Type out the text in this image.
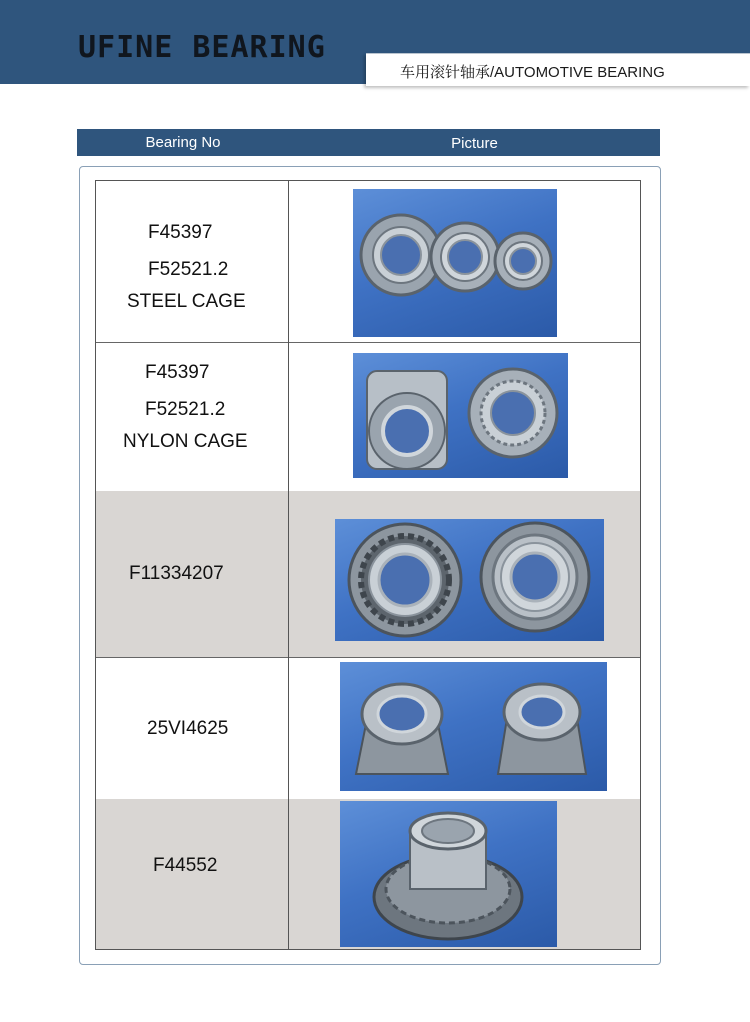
UFINE BEARING
车用滚针轴承/AUTOMOTIVE BEARING
Bearing No	Picture
F45397
F52521.2
STEEL CAGE
F45397
F52521.2
NYLON CAGE
F11334207
25VI4625
F44552
